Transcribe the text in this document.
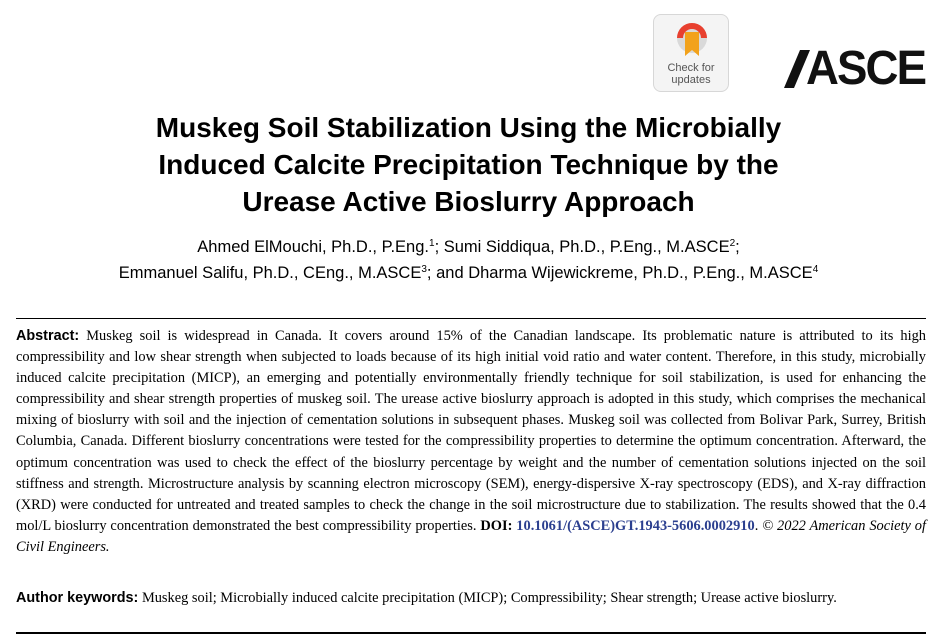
Check for
updates	ASCE
Muskeg Soil Stabilization Using the Microbially
Induced Calcite Precipitation Technique by the
Urease Active Bioslurry Approach
Ahmed ElMouchi, Ph.D., P.Eng.$^1$; Sumi Siddiqua, Ph.D., P.Eng., M.ASCE$^2$;
Emmanuel Salifu, Ph.D., CEng., M.ASCE$^3$; and Dharma Wijewickreme, Ph.D., P.Eng., M.ASCE$^4$

Abstract: Muskeg soil is widespread in Canada. It covers around 15% of the Canadian landscape. Its problematic nature is attributed to its high compressibility and low shear strength when subjected to loads because of its high initial void ratio and water content. Therefore, in this study, microbially induced calcite precipitation (MICP), an emerging and potentially environmentally friendly technique for soil stabilization, is used for enhancing the compressibility and shear strength properties of muskeg soil. The urease active bioslurry approach is adopted in this study, which comprises the mechanical mixing of bioslurry with soil and the injection of cementation solutions in subsequent phases. Muskeg soil was collected from Bolivar Park, Surrey, British Columbia, Canada. Different bioslurry concentrations were tested for the compressibility properties to determine the optimum concentration. Afterward, the optimum concentration was used to check the effect of the bioslurry percentage by weight and the number of cementation solutions injected on the soil stiffness and strength. Microstructure analysis by scanning electron microscopy (SEM), energy-dispersive X-ray spectroscopy (EDS), and X-ray diffraction (XRD) were conducted for untreated and treated samples to check the change in the soil microstructure due to stabilization. The results showed that the 0.4 mol/L bioslurry concentration demonstrated the best compressibility properties. DOI: 10.1061/(ASCE)GT.1943-5606.0002910. © 2022 American Society of Civil Engineers.

Author keywords: Muskeg soil; Microbially induced calcite precipitation (MICP); Compressibility; Shear strength; Urease active bioslurry.
